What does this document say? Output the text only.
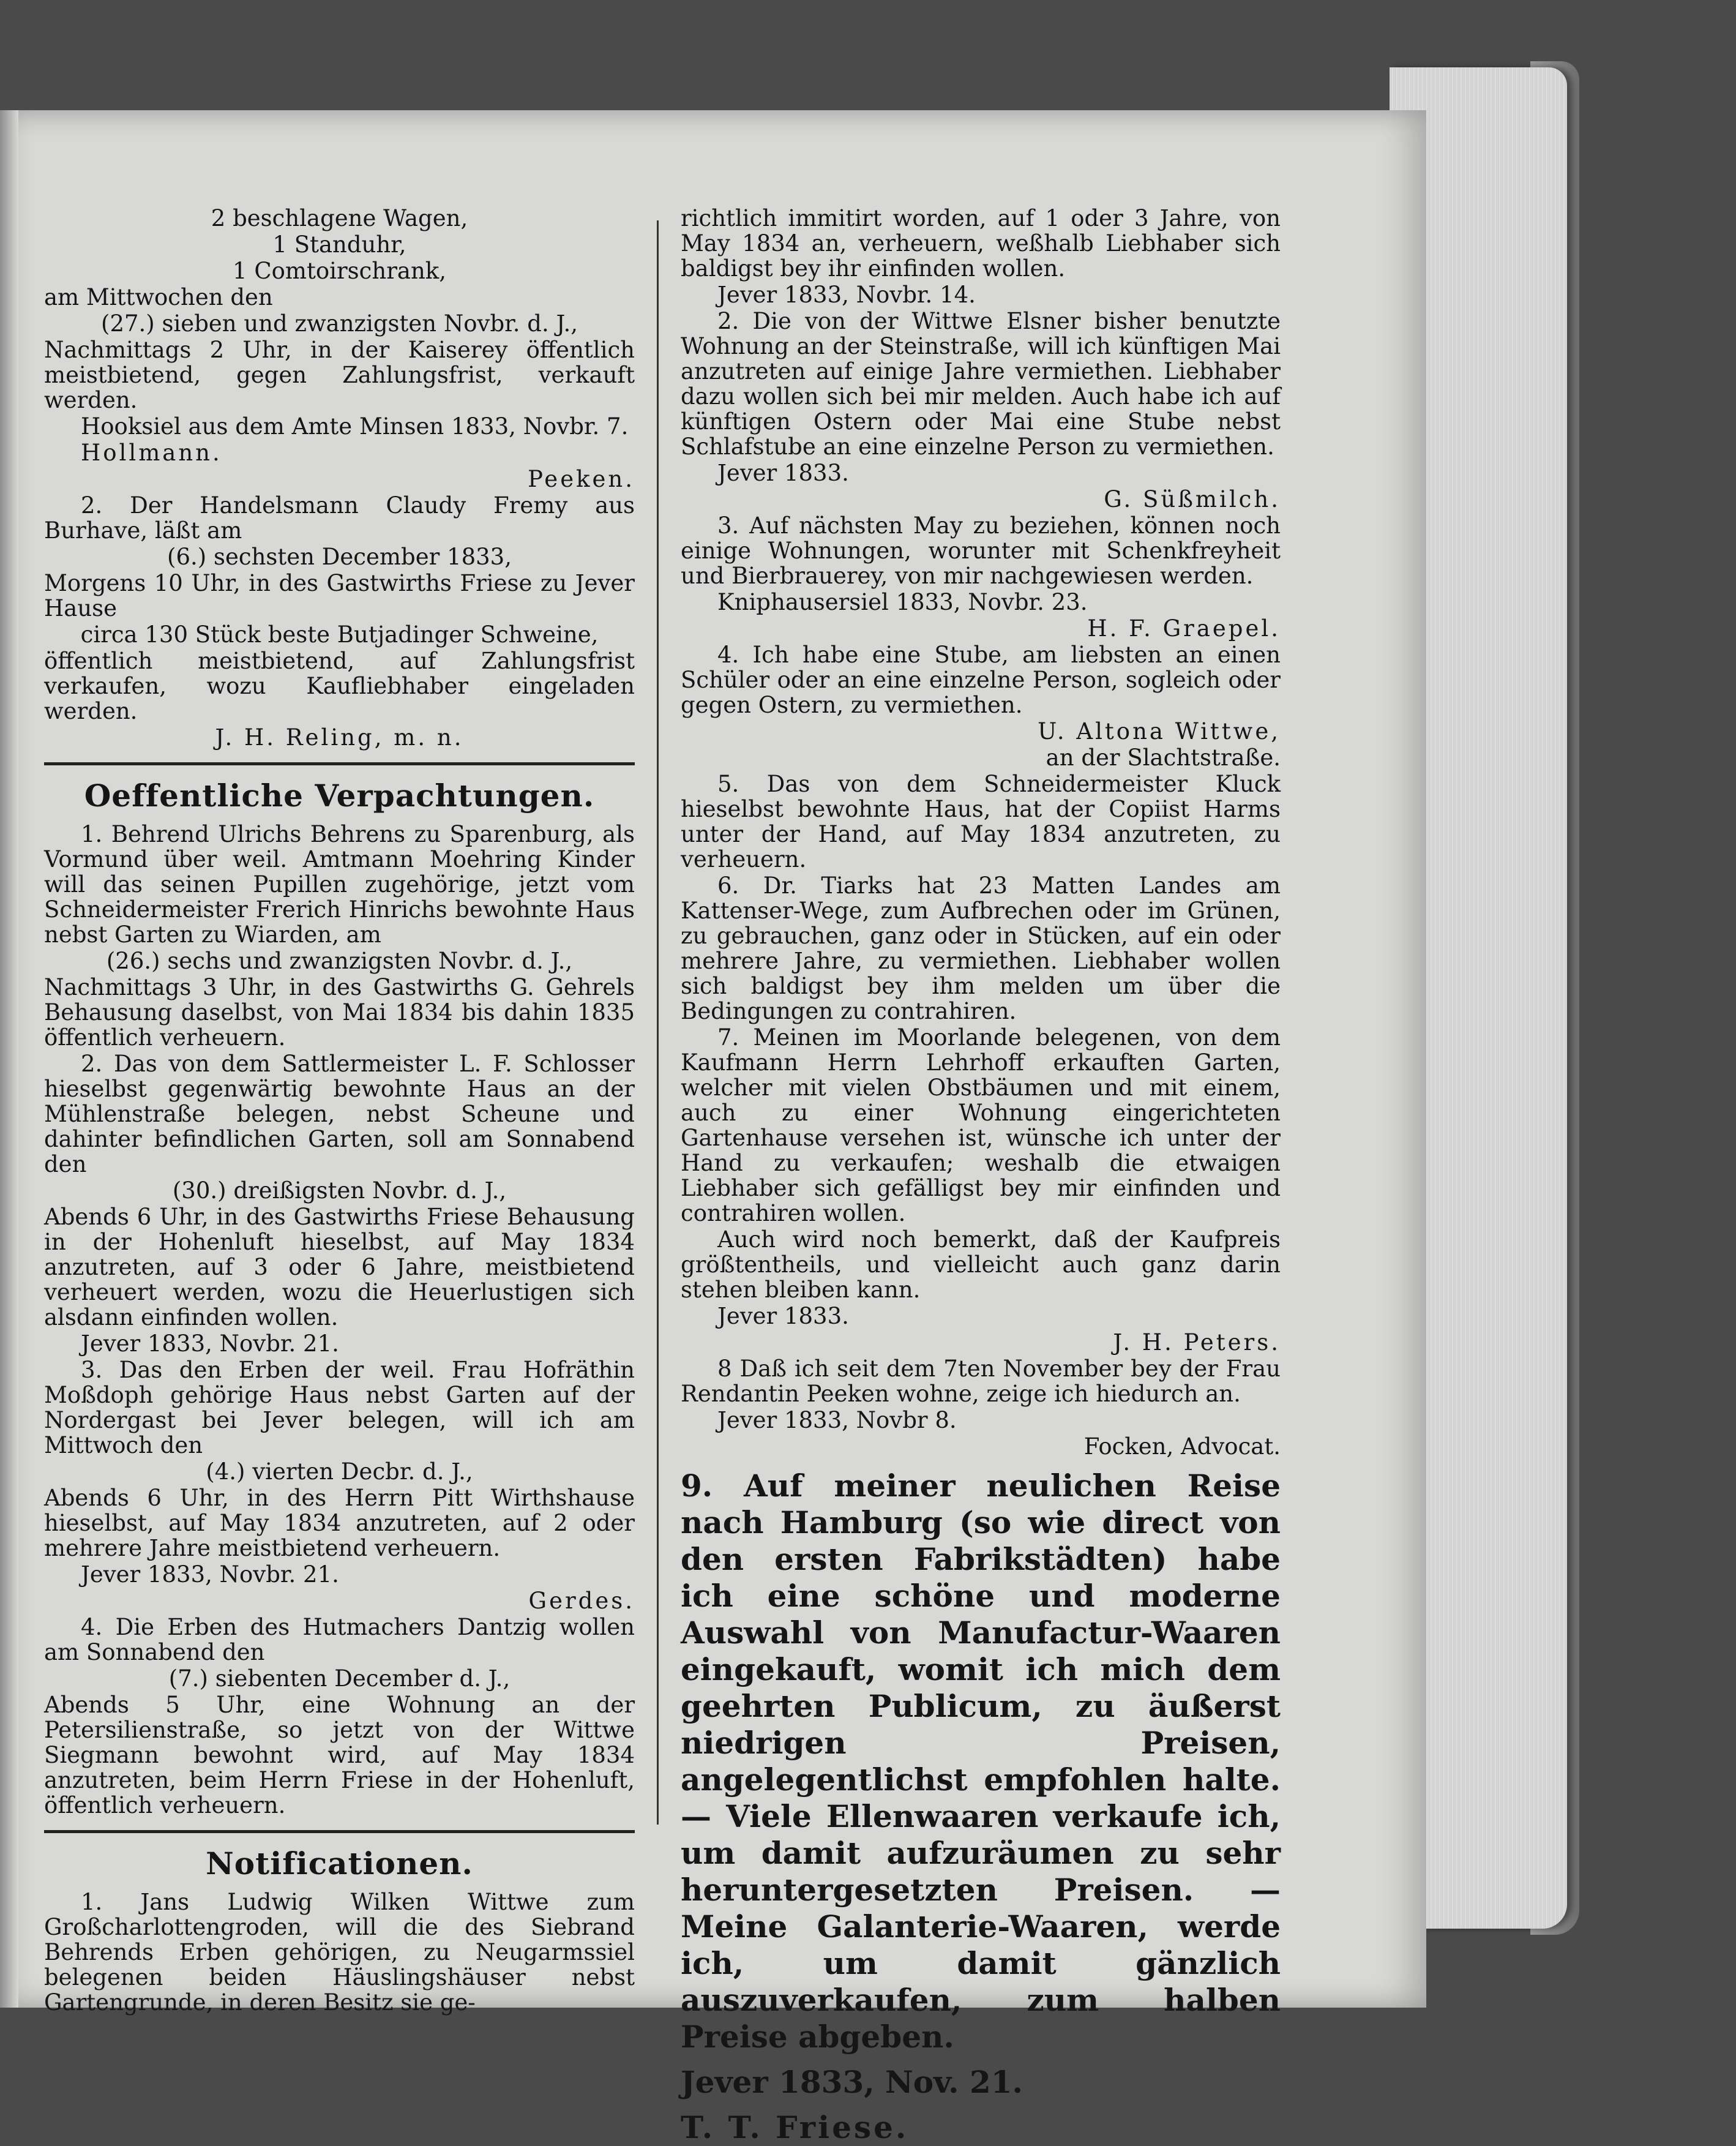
2 beschlagene Wagen,

1 Standuhr,

1 Comtoirschrank,

am Mittwochen den

(27.) sieben und zwanzigsten Novbr. d. J.,

Nachmittags 2 Uhr, in der Kaiserey öffentlich meistbietend, gegen Zahlungsfrist, verkauft werden.

Hooksiel aus dem Amte Minsen 1833, Novbr. 7.

Hollmann.

Peeken.

2. Der Handelsmann Claudy Fremy aus Burhave, läßt am

(6.) sechsten December 1833,

Morgens 10 Uhr, in des Gastwirths Friese zu Jever Hause

circa 130 Stück beste Butjadinger Schweine,

öffentlich meistbietend, auf Zahlungsfrist verkaufen, wozu Kaufliebhaber eingeladen werden.

J. H. Reling, m. n.

Oeffentliche Verpachtungen.

1. Behrend Ulrichs Behrens zu Sparenburg, als Vormund über weil. Amtmann Moehring Kinder will das seinen Pupillen zugehörige, jetzt vom Schneidermeister Frerich Hinrichs bewohnte Haus nebst Garten zu Wiarden, am

(26.) sechs und zwanzigsten Novbr. d. J.,

Nachmittags 3 Uhr, in des Gastwirths G. Gehrels Behausung daselbst, von Mai 1834 bis dahin 1835 öffentlich verheuern.

2. Das von dem Sattlermeister L. F. Schlosser hieselbst gegenwärtig bewohnte Haus an der Mühlenstraße belegen, nebst Scheune und dahinter befindlichen Garten, soll am Sonnabend den

(30.) dreißigsten Novbr. d. J.,

Abends 6 Uhr, in des Gastwirths Friese Behausung in der Hohenluft hieselbst, auf May 1834 anzutreten, auf 3 oder 6 Jahre, meistbietend verheuert werden, wozu die Heuerlustigen sich alsdann einfinden wollen.

Jever 1833, Novbr. 21.

3. Das den Erben der weil. Frau Hofräthin Moßdoph gehörige Haus nebst Garten auf der Nordergast bei Jever belegen, will ich am Mittwoch den

(4.) vierten Decbr. d. J.,

Abends 6 Uhr, in des Herrn Pitt Wirthshause hieselbst, auf May 1834 anzutreten, auf 2 oder mehrere Jahre meistbietend verheuern.

Jever 1833, Novbr. 21.

Gerdes.

4. Die Erben des Hutmachers Dantzig wollen am Sonnabend den

(7.) siebenten December d. J.,

Abends 5 Uhr, eine Wohnung an der Petersilienstraße, so jetzt von der Wittwe Siegmann bewohnt wird, auf May 1834 anzutreten, beim Herrn Friese in der Hohenluft, öffentlich verheuern.

Notificationen.

1. Jans Ludwig Wilken Wittwe zum Großcharlottengroden, will die des Siebrand Behrends Erben gehörigen, zu Neugarmssiel belegenen beiden Häuslingshäuser nebst Gartengrunde, in deren Besitz sie ge-

richtlich immitirt worden, auf 1 oder 3 Jahre, von May 1834 an, verheuern, weßhalb Liebhaber sich baldigst bey ihr einfinden wollen.

Jever 1833, Novbr. 14.

2. Die von der Wittwe Elsner bisher benutzte Wohnung an der Steinstraße, will ich künftigen Mai anzutreten auf einige Jahre vermiethen. Liebhaber dazu wollen sich bei mir melden. Auch habe ich auf künftigen Ostern oder Mai eine Stube nebst Schlafstube an eine einzelne Person zu vermiethen.

Jever 1833.

G. Süßmilch.

3. Auf nächsten May zu beziehen, können noch einige Wohnungen, worunter mit Schenkfreyheit und Bierbrauerey, von mir nachgewiesen werden.

Kniphausersiel 1833, Novbr. 23.

H. F. Graepel.

4. Ich habe eine Stube, am liebsten an einen Schüler oder an eine einzelne Person, sogleich oder gegen Ostern, zu vermiethen.

U. Altona Wittwe,

an der Slachtstraße.

5. Das von dem Schneidermeister Kluck hieselbst bewohnte Haus, hat der Copiist Harms unter der Hand, auf May 1834 anzutreten, zu verheuern.

6. Dr. Tiarks hat 23 Matten Landes am Kattenser-Wege, zum Aufbrechen oder im Grünen, zu gebrauchen, ganz oder in Stücken, auf ein oder mehrere Jahre, zu vermiethen. Liebhaber wollen sich baldigst bey ihm melden um über die Bedingungen zu contrahiren.

7. Meinen im Moorlande belegenen, von dem Kaufmann Herrn Lehrhoff erkauften Garten, welcher mit vielen Obstbäumen und mit einem, auch zu einer Wohnung eingerichteten Gartenhause versehen ist, wünsche ich unter der Hand zu verkaufen; weshalb die etwaigen Liebhaber sich gefälligst bey mir einfinden und contrahiren wollen.

Auch wird noch bemerkt, daß der Kaufpreis größtentheils, und vielleicht auch ganz darin stehen bleiben kann.

Jever 1833.

J. H. Peters.

8 Daß ich seit dem 7ten November bey der Frau Rendantin Peeken wohne, zeige ich hiedurch an.

Jever 1833, Novbr 8.

Focken, Advocat.

9. Auf meiner neulichen Reise nach Hamburg (so wie direct von den ersten Fabrikstädten) habe ich eine schöne und moderne Auswahl von Manufactur-Waaren eingekauft, womit ich mich dem geehrten Publicum, zu äußerst niedrigen Preisen, angelegentlichst empfohlen halte. — Viele Ellenwaaren verkaufe ich, um damit aufzuräumen zu sehr heruntergesetzten Preisen. — Meine Galanterie-Waaren, werde ich, um damit gänzlich auszuverkaufen, zum halben Preise abgeben.
Jever 1833, Nov. 21.
T. T. Friese.
